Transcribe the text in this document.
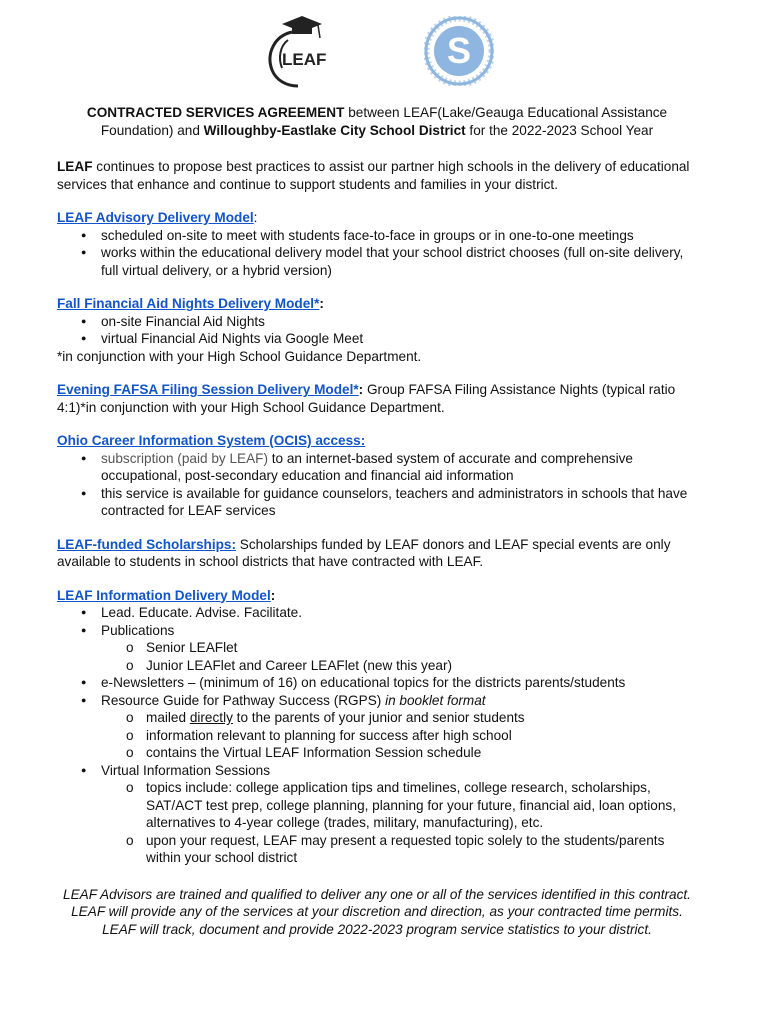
LEAF	S

CONTRACTED SERVICES AGREEMENT between LEAF(Lake/Geauga Educational Assistance Foundation) and Willoughby-Eastlake City School District for the 2022-2023 School Year

LEAF continues to propose best practices to assist our partner high schools in the delivery of educational services that enhance and continue to support students and families in your district.

LEAF Advisory Delivery Model:

● scheduled on-site to meet with students face-to-face in groups or in one-to-one meetings
● works within the educational delivery model that your school district chooses (full on-site delivery, full virtual delivery, or a hybrid version)

Fall Financial Aid Nights Delivery Model*:

● on-site Financial Aid Nights
● virtual Financial Aid Nights via Google Meet

*in conjunction with your High School Guidance Department.

Evening FAFSA Filing Session Delivery Model*: Group FAFSA Filing Assistance Nights (typical ratio 4:1)*in conjunction with your High School Guidance Department.

Ohio Career Information System (OCIS) access:

● subscription (paid by LEAF) to an internet-based system of accurate and comprehensive occupational, post-secondary education and financial aid information
● this service is available for guidance counselors, teachers and administrators in schools that have contracted for LEAF services

LEAF-funded Scholarships: Scholarships funded by LEAF donors and LEAF special events are only available to students in school districts that have contracted with LEAF.

LEAF Information Delivery Model:

● Lead. Educate. Advise. Facilitate.
● Publications
o Senior LEAFlet
o Junior LEAFlet and Career LEAFlet (new this year)
● e-Newsletters – (minimum of 16) on educational topics for the districts parents/students
● Resource Guide for Pathway Success (RGPS) in booklet format
o mailed directly to the parents of your junior and senior students
o information relevant to planning for success after high school
o contains the Virtual LEAF Information Session schedule
● Virtual Information Sessions
o topics include: college application tips and timelines, college research, scholarships, SAT/ACT test prep, college planning, planning for your future, financial aid, loan options, alternatives to 4-year college (trades, military, manufacturing), etc.
o upon your request, LEAF may present a requested topic solely to the students/parents within your school district

LEAF Advisors are trained and qualified to deliver any one or all of the services identified in this contract. LEAF will provide any of the services at your discretion and direction, as your contracted time permits. LEAF will track, document and provide 2022-2023 program service statistics to your district.
